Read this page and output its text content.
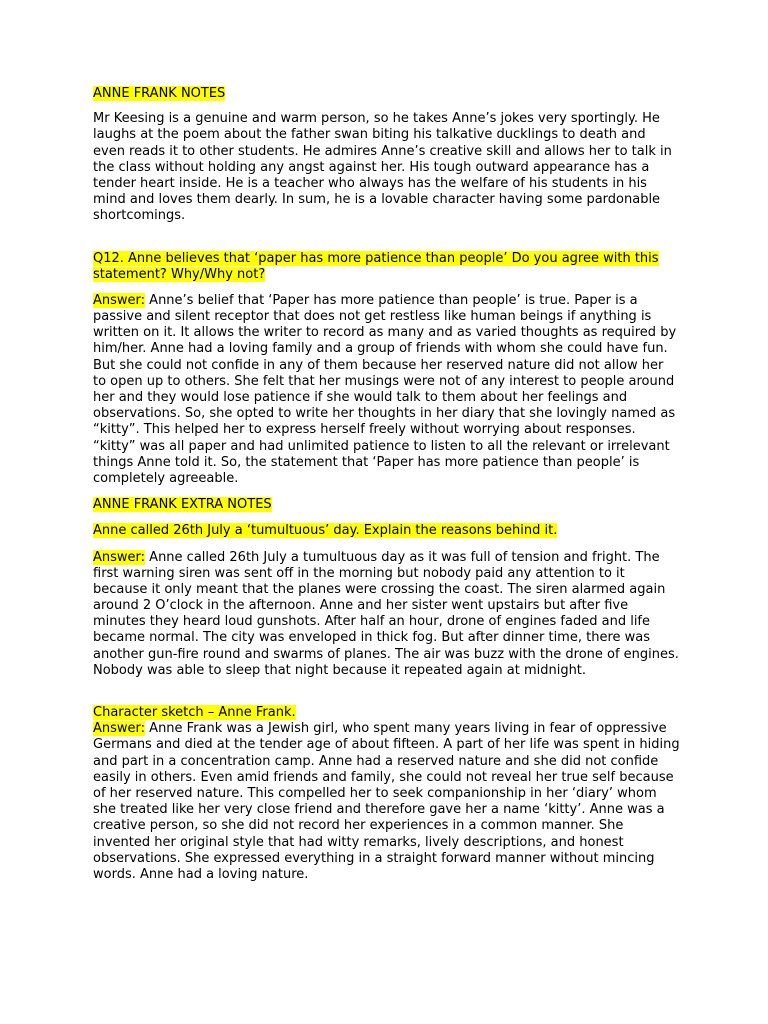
ANNE FRANK NOTES
Mr Keesing is a genuine and warm person, so he takes Anne’s jokes very sportingly. He
laughs at the poem about the father swan biting his talkative ducklings to death and
even reads it to other students. He admires Anne’s creative skill and allows her to talk in
the class without holding any angst against her. His tough outward appearance has a
tender heart inside. He is a teacher who always has the welfare of his students in his
mind and loves them dearly. In sum, he is a lovable character having some pardonable
shortcomings.
Q12. Anne believes that ‘paper has more patience than people’ Do you agree with this
statement? Why/Why not?
Answer: Anne’s belief that ‘Paper has more patience than people’ is true. Paper is a
passive and silent receptor that does not get restless like human beings if anything is
written on it. It allows the writer to record as many and as varied thoughts as required by
him/her. Anne had a loving family and a group of friends with whom she could have fun.
But she could not confide in any of them because her reserved nature did not allow her
to open up to others. She felt that her musings were not of any interest to people around
her and they would lose patience if she would talk to them about her feelings and
observations. So, she opted to write her thoughts in her diary that she lovingly named as
“kitty”. This helped her to express herself freely without worrying about responses.
“kitty” was all paper and had unlimited patience to listen to all the relevant or irrelevant
things Anne told it. So, the statement that ‘Paper has more patience than people’ is
completely agreeable.
ANNE FRANK EXTRA NOTES
Anne called 26th July a ‘tumultuous’ day. Explain the reasons behind it.
Answer: Anne called 26th July a tumultuous day as it was full of tension and fright. The
first warning siren was sent off in the morning but nobody paid any attention to it
because it only meant that the planes were crossing the coast. The siren alarmed again
around 2 O’clock in the afternoon. Anne and her sister went upstairs but after five
minutes they heard loud gunshots. After half an hour, drone of engines faded and life
became normal. The city was enveloped in thick fog. But after dinner time, there was
another gun-fire round and swarms of planes. The air was buzz with the drone of engines.
Nobody was able to sleep that night because it repeated again at midnight.
Character sketch – Anne Frank.
Answer: Anne Frank was a Jewish girl, who spent many years living in fear of oppressive
Germans and died at the tender age of about fifteen. A part of her life was spent in hiding
and part in a concentration camp. Anne had a reserved nature and she did not confide
easily in others. Even amid friends and family, she could not reveal her true self because
of her reserved nature. This compelled her to seek companionship in her ‘diary’ whom
she treated like her very close friend and therefore gave her a name ‘kitty’. Anne was a
creative person, so she did not record her experiences in a common manner. She
invented her original style that had witty remarks, lively descriptions, and honest
observations. She expressed everything in a straight forward manner without mincing
words. Anne had a loving nature.
